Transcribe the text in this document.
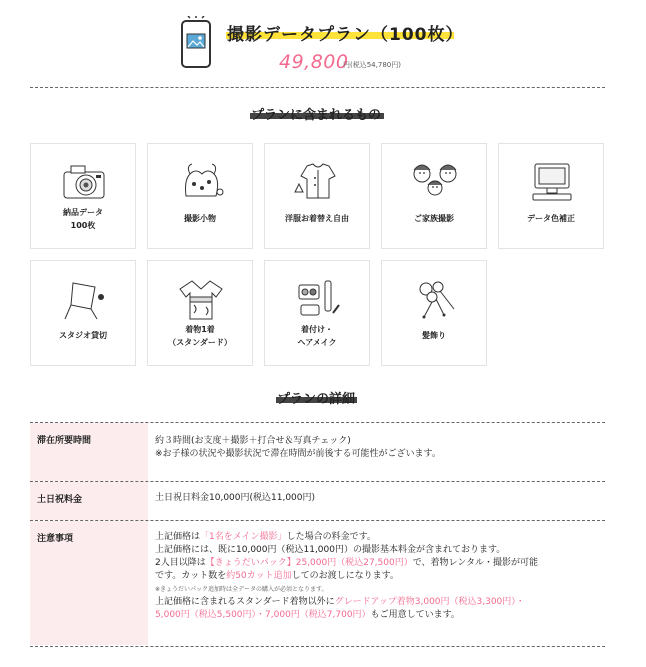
撮影データプラン（100枚）
49,800
円(税込54,780円)
プランに含まれるもの
納品データ
100枚
撮影小物	洋服お着替え自由	ご家族撮影	データ色補正
スタジオ貸切
着物1着
（スタンダード）
着付け・
ヘアメイク
髪飾り
プランの詳細
滞在所要時間	約３時間(お支度＋撮影＋打合せ＆写真チェック)
※お子様の状況や撮影状況で滞在時間が前後する可能性がございます。
土日祝料金	土日祝日料金10,000円(税込11,000円)
注意事項	上記価格は「1名をメイン撮影」した場合の料金です。
上記価格には、既に10,000円（税込11,000円）の撮影基本料金が含まれております。
2人目以降は【きょうだいパック】25,000円（税込27,500円）で、着物レンタル・撮影が可能
です。カット数を約50カット追加してのお渡しになります。
※きょうだいパック追加時は全データの購入が必須となります。
上記価格に含まれるスタンダード着物以外にグレードアップ着物3,000円（税込3,300円）・
5,000円（税込5,500円）・7,000円（税込7,700円）もご用意しています。
